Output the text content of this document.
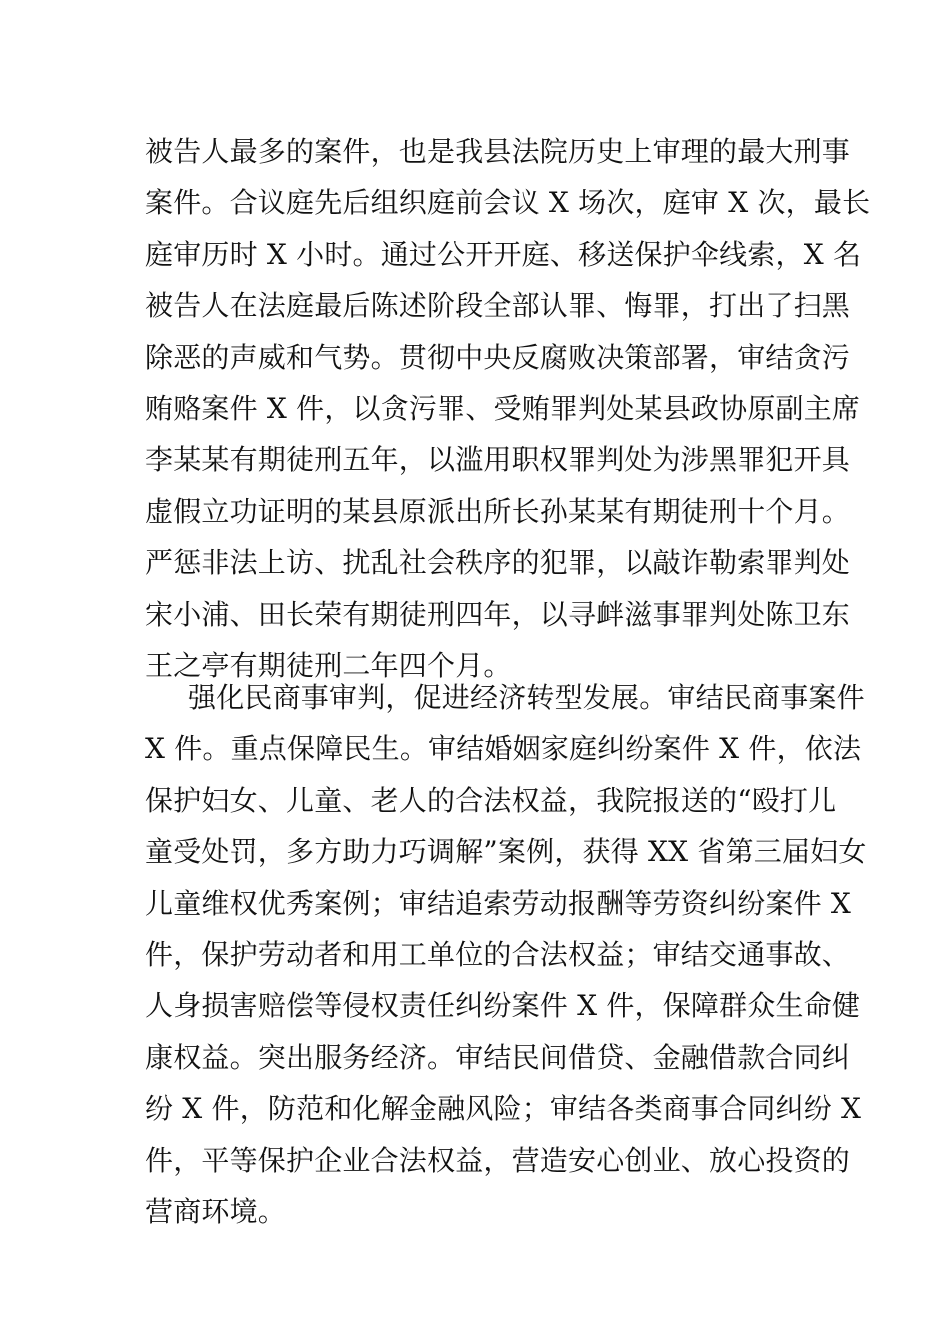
被告人最多的案件，也是我县法院历史上审理的最大刑事
案件。合议庭先后组织庭前会议 X 场次，庭审 X 次，最长
庭审历时 X 小时。通过公开开庭、移送保护伞线索，X 名
被告人在法庭最后陈述阶段全部认罪、悔罪，打出了扫黑
除恶的声威和气势。贯彻中央反腐败决策部署，审结贪污
贿赂案件 X 件，以贪污罪、受贿罪判处某县政协原副主席
李某某有期徒刑五年，以滥用职权罪判处为涉黑罪犯开具
虚假立功证明的某县原派出所长孙某某有期徒刑十个月。
严惩非法上访、扰乱社会秩序的犯罪，以敲诈勒索罪判处
宋小浦、田长荣有期徒刑四年，以寻衅滋事罪判处陈卫东
王之亭有期徒刑二年四个月。
强化民商事审判，促进经济转型发展。审结民商事案件
X 件。重点保障民生。审结婚姻家庭纠纷案件 X 件，依法
保护妇女、儿童、老人的合法权益，我院报送的“殴打儿
童受处罚，多方助力巧调解”案例，获得 XX 省第三届妇女
儿童维权优秀案例；审结追索劳动报酬等劳资纠纷案件 X
件，保护劳动者和用工单位的合法权益；审结交通事故、
人身损害赔偿等侵权责任纠纷案件 X 件，保障群众生命健
康权益。突出服务经济。审结民间借贷、金融借款合同纠
纷 X 件，防范和化解金融风险；审结各类商事合同纠纷 X
件，平等保护企业合法权益，营造安心创业、放心投资的
营商环境。
